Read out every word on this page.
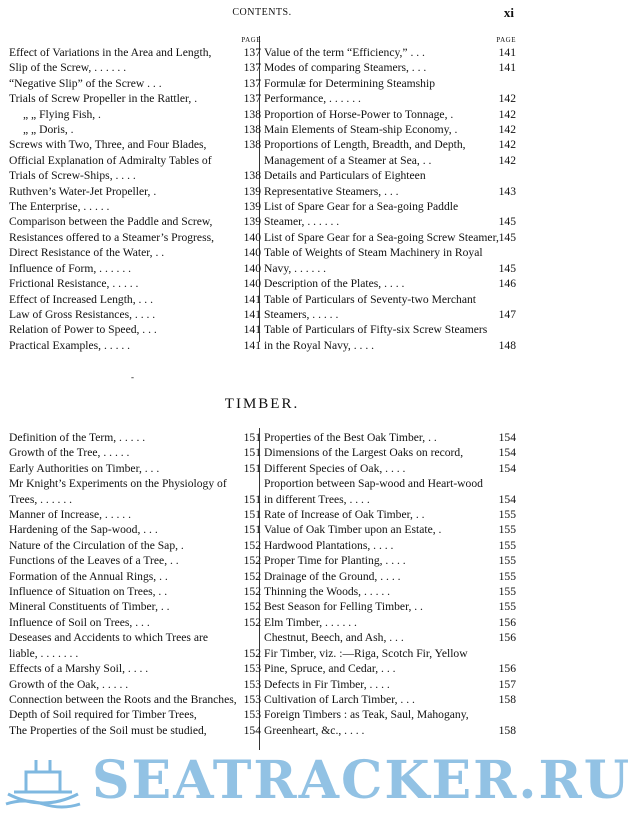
CONTENTS.	xi
PAGE
Effect of Variations in the Area and Length,	137
Slip of the Screw, . . . . . .	137
“Negative Slip” of the Screw . . .	137
Trials of Screw Propeller in the Rattler, .	137
„ „ Flying Fish, .	138
„ „ Doris, .	138
Screws with Two, Three, and Four Blades,	138
Official Explanation of Admiralty Tables of Trials of Screw-Ships, . . . .	138
Ruthven’s Water-Jet Propeller, .	139
The Enterprise, . . . . .	139
Comparison between the Paddle and Screw,	139
Resistances offered to a Steamer’s Progress,	140
Direct Resistance of the Water, . .	140
Influence of Form, . . . . . .	140
Frictional Resistance, . . . . .	140
Effect of Increased Length, . . .	141
Law of Gross Resistances, . . . .	141
Relation of Power to Speed, . . .	141
Practical Examples, . . . . .	141
PAGE
Value of the term “Efficiency,” . . .	141
Modes of comparing Steamers, . . .	141
Formulæ for Determining Steamship Performance, . . . . . .	142
Proportion of Horse-Power to Tonnage, .	142
Main Elements of Steam-ship Economy, .	142
Proportions of Length, Breadth, and Depth,	142
Management of a Steamer at Sea, . .	142
Details and Particulars of Eighteen Representative Steamers, . . .	143
List of Spare Gear for a Sea-going Paddle Steamer, . . . . . .	145
List of Spare Gear for a Sea-going Screw Steamer, 145
Table of Weights of Steam Machinery in Royal Navy, . . . . . .	145
Description of the Plates, . . . .	146
Table of Particulars of Seventy-two Merchant Steamers, . . . . .	147
Table of Particulars of Fifty-six Screw Steamers in the Royal Navy, . . . .	148
-
TIMBER.
Definition of the Term, . . . . .	151
Growth of the Tree, . . . . .	151
Early Authorities on Timber, . . .	151
Mr Knight’s Experiments on the Physiology of Trees, . . . . . .	151
Manner of Increase, . . . . .	151
Hardening of the Sap-wood, . . .	151
Nature of the Circulation of the Sap, .	152
Functions of the Leaves of a Tree, . .	152
Formation of the Annual Rings, . .	152
Influence of Situation on Trees, . .	152
Mineral Constituents of Timber, . .	152
Influence of Soil on Trees, . . .	152
Deseases and Accidents to which Trees are liable, . . . . . . .	152
Effects of a Marshy Soil, . . . .	153
Growth of the Oak, . . . . .	153
Connection between the Roots and the Branches, 153
Depth of Soil required for Timber Trees,	153
The Properties of the Soil must be studied,	154
Properties of the Best Oak Timber, . .	154
Dimensions of the Largest Oaks on record,	154
Different Species of Oak, . . . .	154
Proportion between Sap-wood and Heart-wood in different Trees, . . . .	154
Rate of Increase of Oak Timber, . .	155
Value of Oak Timber upon an Estate, .	155
Hardwood Plantations, . . . .	155
Proper Time for Planting, . . . .	155
Drainage of the Ground, . . . .	155
Thinning the Woods, . . . . .	155
Best Season for Felling Timber, . .	155
Elm Timber, . . . . . .	156
Chestnut, Beech, and Ash, . . .	156
Fir Timber, viz. :—Riga, Scotch Fir, Yellow Pine, Spruce, and Cedar, . . .	156
Defects in Fir Timber, . . . .	157
Cultivation of Larch Timber, . . .	158
Foreign Timbers : as Teak, Saul, Mahogany, Greenheart, &c., . . . .	158
SEATRACKER.RU
